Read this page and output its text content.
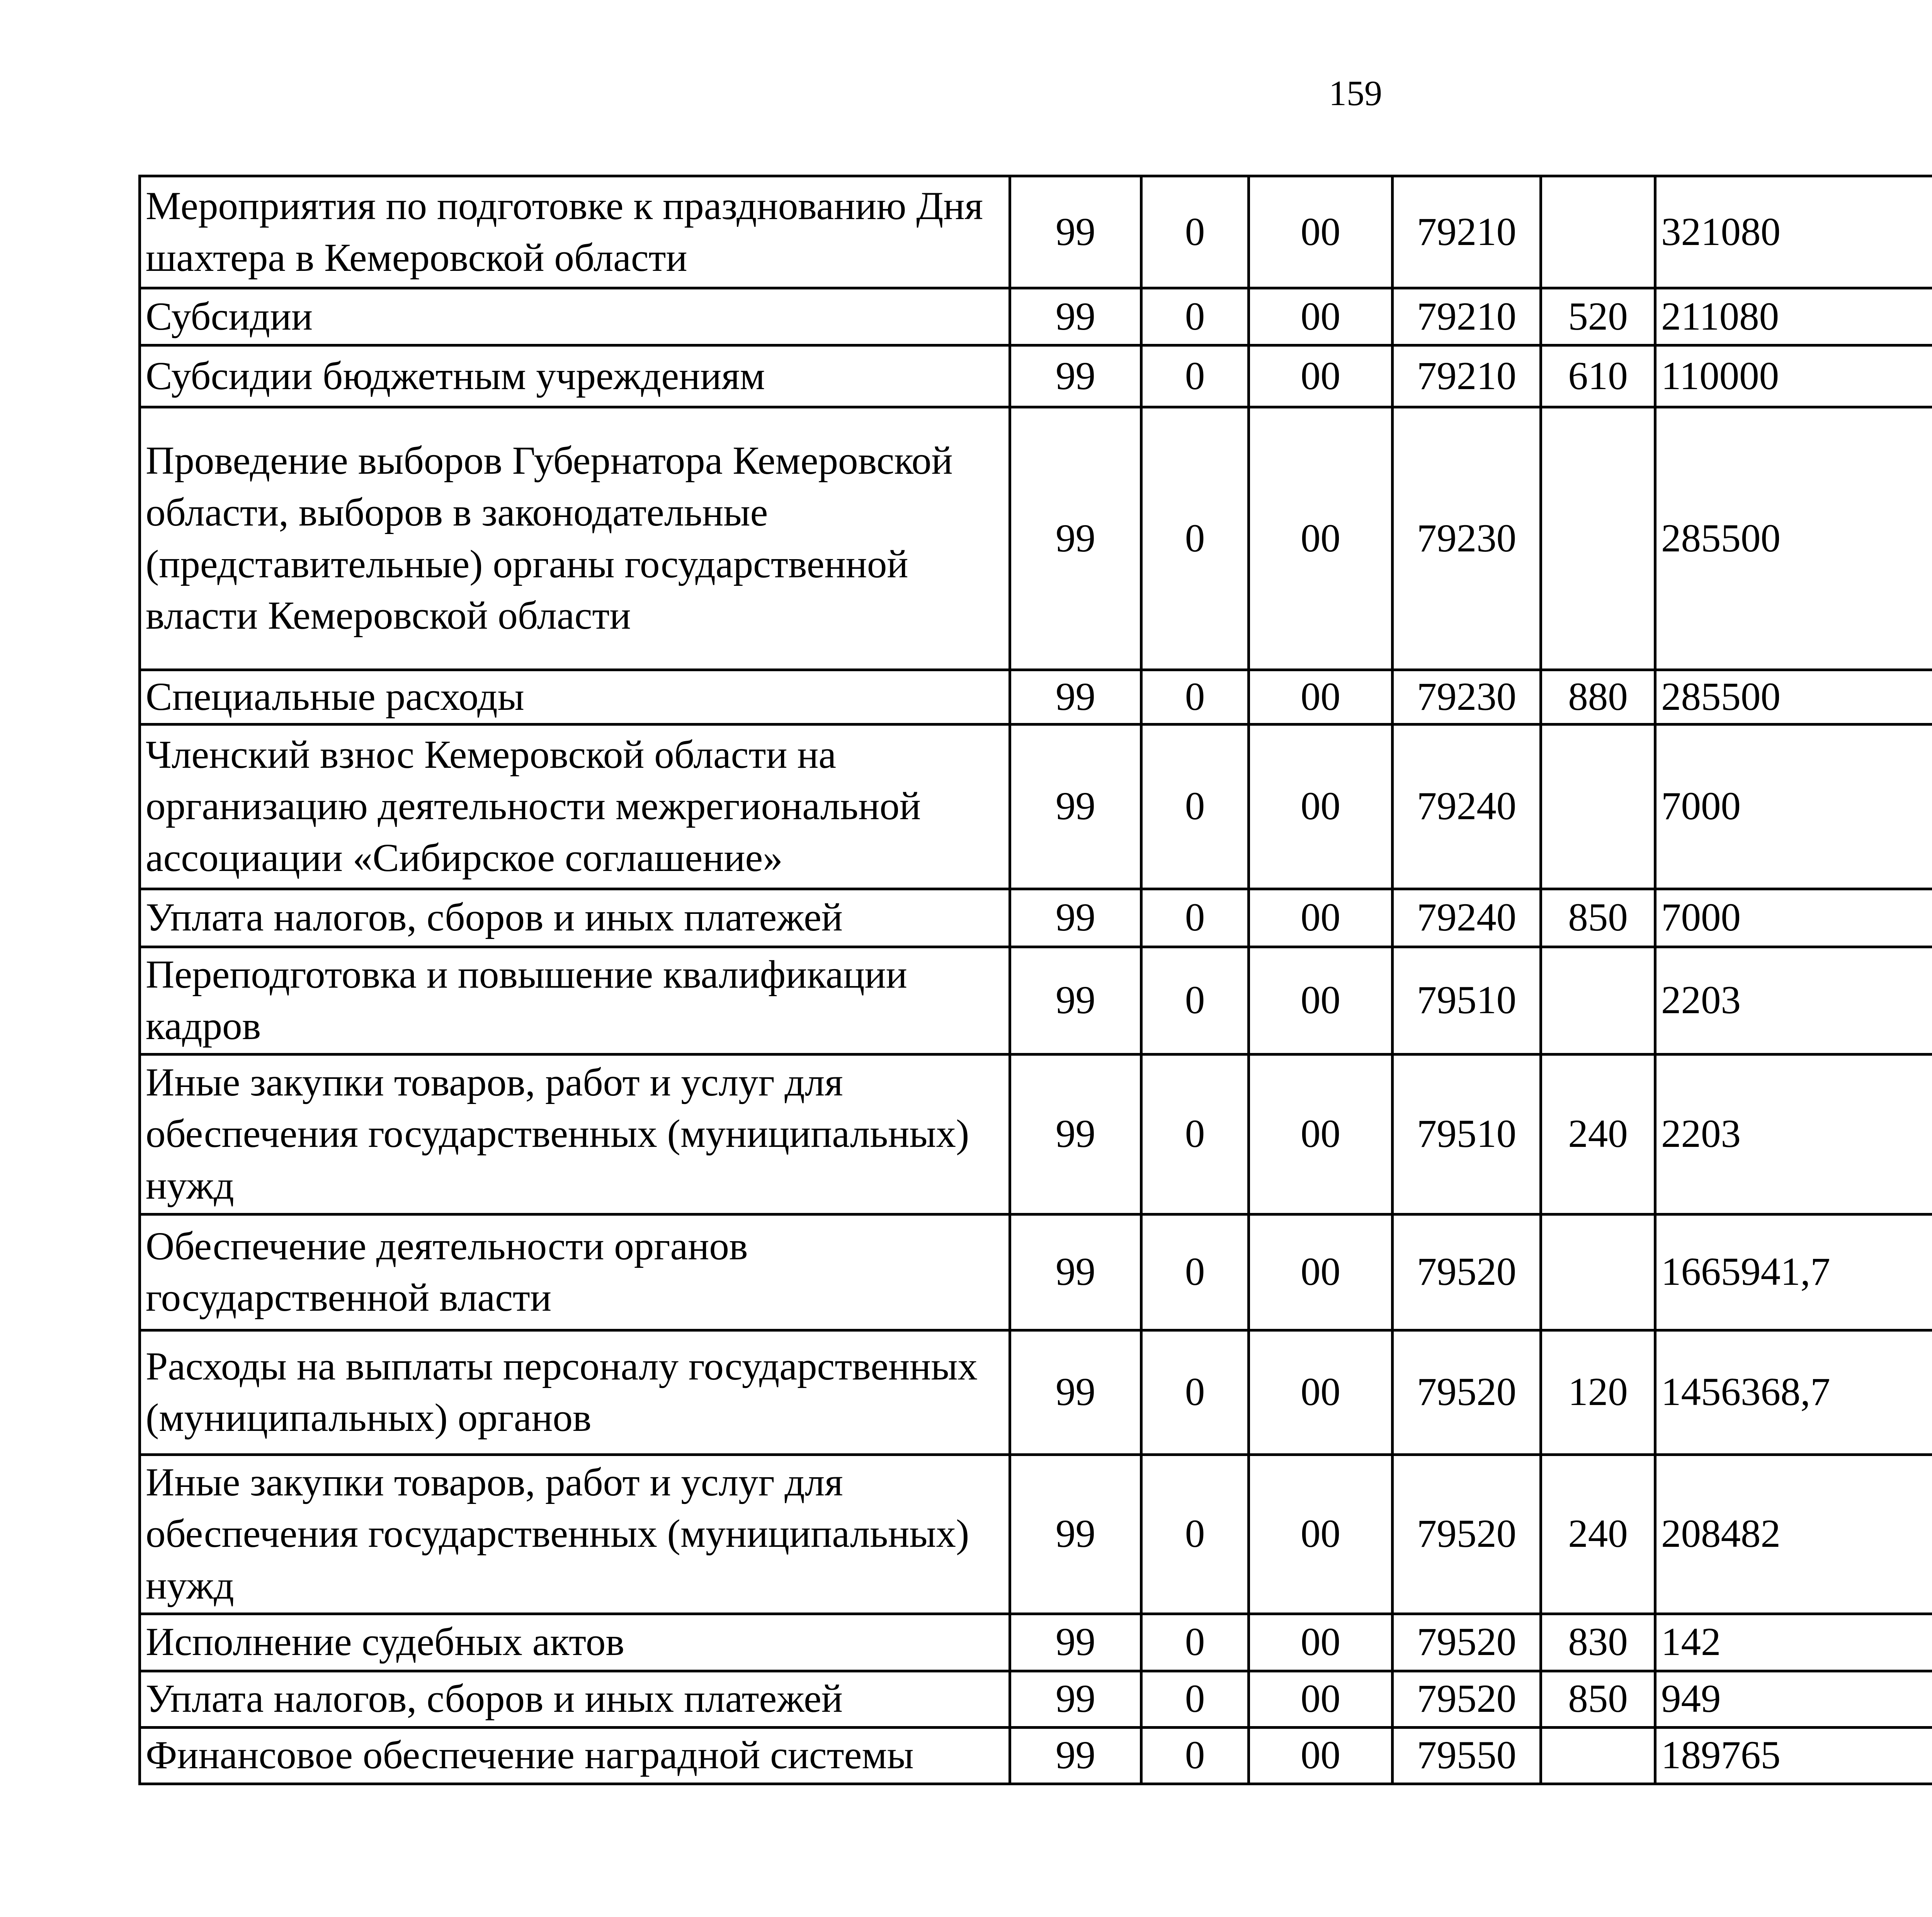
159
Мероприятия по подготовке к празднованию Дня шахтера в Кемеровской области	99	0	00	79210		321080		
Субсидии	99	0	00	79210	520	211080		
Субсидии бюджетным учреждениям	99	0	00	79210	610	110000		
Проведение выборов Губернатора Кемеровской области, выборов в законодательные (представительные) органы государственной власти Кемеровской области	99	0	00	79230		285500		
Специальные расходы	99	0	00	79230	880	285500		
Членский взнос Кемеровской области на организацию деятельности межрегиональной ассоциации «Сибирское соглашение»	99	0	00	79240		7000		
Уплата налогов, сборов и иных платежей	99	0	00	79240	850	7000		
Переподготовка и повышение квалификации кадров	99	0	00	79510		2203		
Иные закупки товаров, работ и услуг для обеспечения государственных (муниципальных) нужд	99	0	00	79510	240	2203		
Обеспечение деятельности органов государственной власти	99	0	00	79520		1665941,7		
Расходы на выплаты персоналу государственных (муниципальных) органов	99	0	00	79520	120	1456368,7		
Иные закупки товаров, работ и услуг для обеспечения государственных (муниципальных) нужд	99	0	00	79520	240	208482		
Исполнение судебных актов	99	0	00	79520	830	142		
Уплата налогов, сборов и иных платежей	99	0	00	79520	850	949		
Финансовое обеспечение наградной системы	99	0	00	79550		189765		
